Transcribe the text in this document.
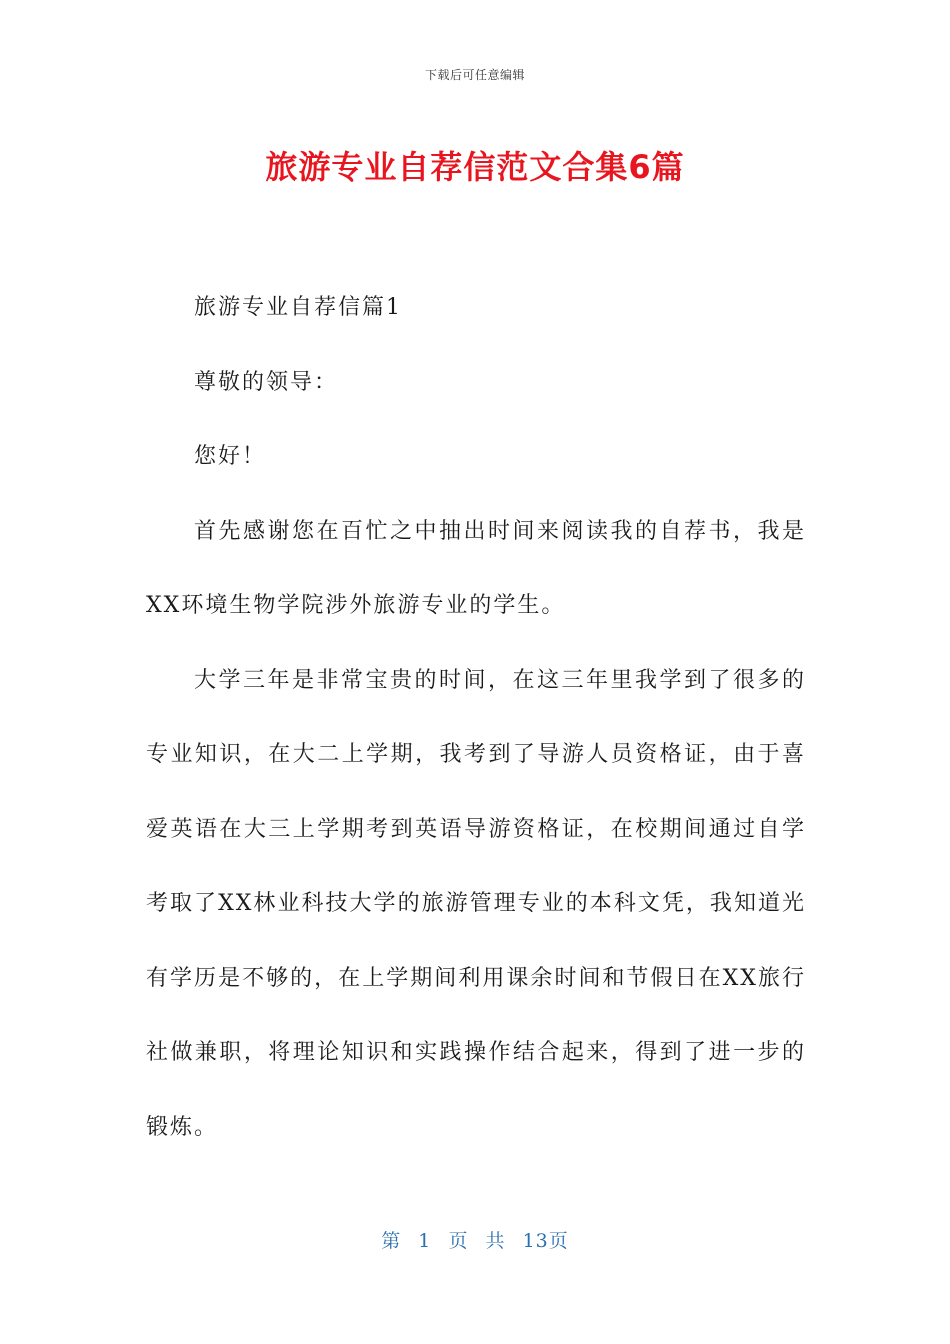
下载后可任意编辑
旅游专业自荐信范文合集6篇

旅游专业自荐信篇1

尊敬的领导：

您好！

首先感谢您在百忙之中抽出时间来阅读我的自荐书，我是XX环境生物学院涉外旅游专业的学生。

大学三年是非常宝贵的时间，在这三年里我学到了很多的专业知识，在大二上学期，我考到了导游人员资格证，由于喜爱英语在大三上学期考到英语导游资格证，在校期间通过自学考取了XX林业科技大学的旅游管理专业的本科文凭，我知道光有学历是不够的，在上学期间利用课余时间和节假日在XX旅行社做兼职，将理论知识和实践操作结合起来，得到了进一步的锻炼。

第 1 页 共 13页
